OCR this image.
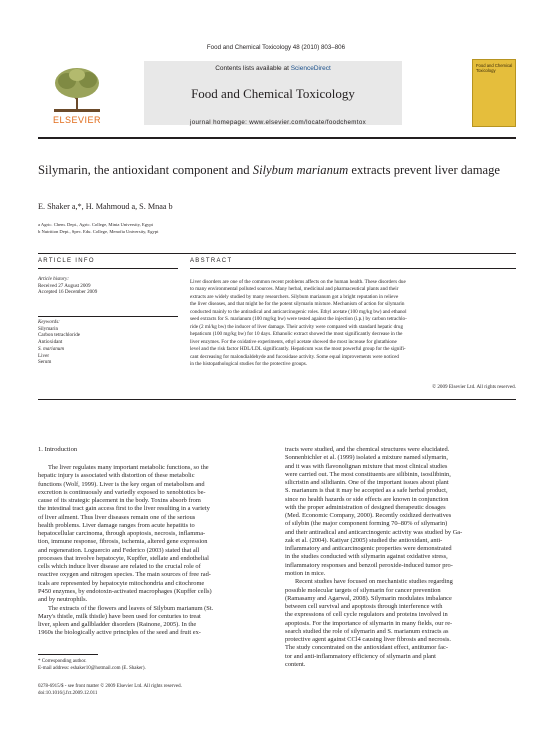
Food and Chemical Toxicology 48 (2010) 803–806
ELSEVIER
Contents lists available at ScienceDirect
Food and Chemical Toxicology
journal homepage: www.elsevier.com/locate/foodchemtox
Food and Chemical Toxicology
Silymarin, the antioxidant component and Silybum marianum extracts prevent liver damage
E. Shaker a,*, H. Mahmoud a, S. Mnaa b
a Agric. Chem. Dept., Agric. College, Minia University, Egypt
b Nutrition Dept., Spec. Edu. College, Menofia University, Egypt
ARTICLE INFO
Article history:
Received 27 August 2009
Accepted 16 December 2009
Keywords:
Silymarin
Carbon tetrachloride
Antioxidant
S. marianum
Liver
Serum
ABSTRACT
Liver disorders are one of the common recent problems affects on the human health. These disorders due
to many environmental polluted sources. Many herbal, medicinal and pharmaceutical plants and their
extracts are widely studied by many researchers. Silybum marianum got a bright reputation in relieve
the liver diseases, and that might be for the potent silymarin mixture. Mechanism of action for silymarin
conducted mainly to the antiradical and anticarcinogenic roles. Ethyl acetate (100 mg/kg bw) and ethanol
seed extracts for S. marianum (100 mg/kg bw) were tested against the injection (i.p.) by carbon tetrachlo-
ride (2 ml/kg bw) the inducer of liver damage. Their activity were compared with standard hepatic drug
hepaticum (100 mg/kg bw) for 10 days. Ethanolic extract showed the most significantly decrease in the
liver enzymes. For the oxidative experiments, ethyl acetate showed the most increase for glutathione
level and the risk factor HDL/LDL significantly. Hepaticum was the most powerful group for the signifi-
cant decreasing for malondialdehyde and fucosidase activity. Some equal improvements were noticed
in the histopathological studies for the protective groups.
© 2009 Elsevier Ltd. All rights reserved.
1. Introduction
The liver regulates many important metabolic functions, so the
hepatic injury is associated with distortion of these metabolic
functions (Wolf, 1999). Liver is the key organ of metabolism and
excretion is continuously and variedly exposed to xenobiotics be-
cause of its strategic placement in the body. Toxins absorb from
the intestinal tract gain access first to the liver resulting in a variety
of liver ailment. Thus liver diseases remain one of the serious
health problems. Liver damage ranges from acute hepatitis to
hepatocellular carcinoma, through apoptosis, necrosis, inflamma-
tion, immune response, fibrosis, ischemia, altered gene expression
and regeneration. Loguercio and Federico (2003) stated that all
processes that involve hepatocyte, Kupffer, stellate and endothelial
cells which induce liver disease are related to the crucial role of
reactive oxygen and nitrogen species. The main sources of free rad-
icals are represented by hepatocyte mitochondria and citochrome
P450 enzymes, by endotoxin-activated macrophages (Kupffer cells)
and by neutrophils.
The extracts of the flowers and leaves of Silybum marianum (St.
Mary's thistle, milk thistle) have been used for centuries to treat
liver, spleen and gallbladder disorders (Rainone, 2005). In the
1960s the biologically active principles of the seed and fruit ex-
tracts were studied, and the chemical structures were elucidated.
Sonnenbichler et al. (1999) isolated a mixture named silymarin,
and it was with flavonolignan mixture that most clinical studies
were carried out. The most constituents are silibinin, isosilibinin,
silicristin and silidianin. One of the important issues about plant
S. marianum is that it may be accepted as a safe herbal product,
since no health hazards or side effects are known in conjunction
with the proper administration of designed therapeutic dosages
(Med. Economic Company, 2000). Recently oxidized derivatives
of silybin (the major component forming 70–80% of silymarin)
and their antiradical and anticarcinogenic activity was studied by Ga-
zak et al. (2004). Katiyar (2005) studied the antioxidant, anti-
inflammatory and anticarcinogenic properties were demonstrated
in the studies conducted with silymarin against oxidative stress,
inflammatory responses and benzoil peroxide-induced tumor pro-
motion in mice.
Recent studies have focused on mechanistic studies regarding
possible molecular targets of silymarin for cancer prevention
(Ramasamy and Agarwal, 2008). Silymarin modulates imbalance
between cell survival and apoptosis through interference with
the expressions of cell cycle regulators and proteins involved in
apoptosis. For the importance of silymarin in many fields, our re-
search studied the role of silymarin and S. marianum extracts as
protective agent against CCl4 causing liver fibrosis and necrosis.
The study concentrated on the antioxidant effect, antitumor fac-
tor and anti-inflammatory efficiency of silymarin and plant
content.
* Corresponding author.
E-mail address: eshaker10@hotmail.com (E. Shaker).
0278-6915/$ - see front matter © 2009 Elsevier Ltd. All rights reserved.
doi:10.1016/j.fct.2009.12.011
